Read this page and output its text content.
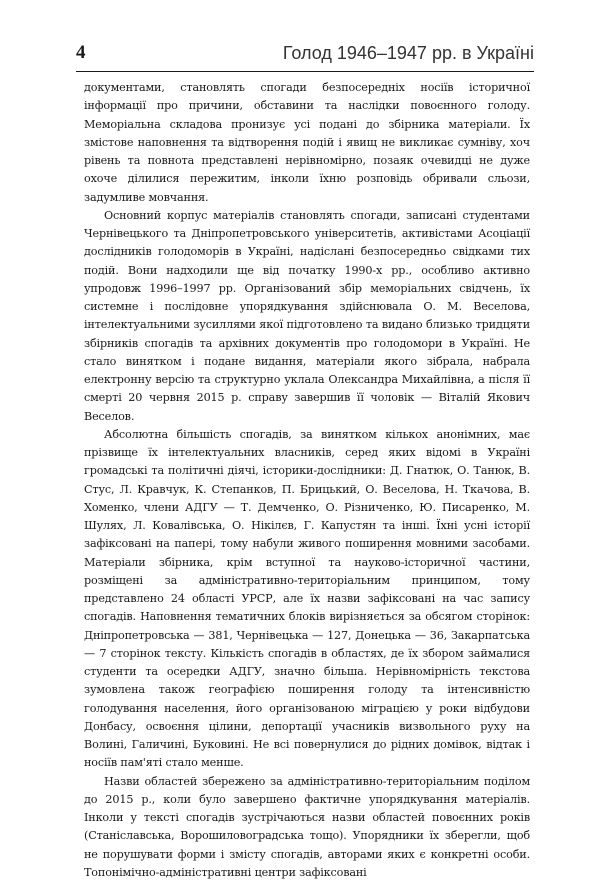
4	Голод 1946–1947 рр. в Україні

документами, становлять спогади безпосередніх носіїв історичної інформації про причини, обставини та наслідки повоєнного голоду. Меморіальна складова пронизує усі подані до збірника матеріали. Їх змістове наповнення та відтворення подій і явищ не викликає сумніву, хоч рівень та повнота представлені нерівномірно, позаяк очевидці не дуже охоче ділилися пережитим, інколи їхню розповідь обривали сльози, задумливе мовчання.

Основний корпус матеріалів становлять спогади, записані студентами Чернівецького та Дніпропетровського університетів, активістами Асоціації дослідників голодоморів в Україні, надіслані безпосередньо свідками тих подій. Вони надходили ще від початку 1990-х рр., особливо активно упродовж 1996–1997 рр. Організований збір меморіальних свідчень, їх системне і послідовне упорядкування здійснювала О. М. Веселова, інтелектуальними зусиллями якої підготовлено та видано близько тридцяти збірників спогадів та архівних документів про голодомори в Україні. Не стало винятком і подане видання, матеріали якого зібрала, набрала електронну версію та структурно уклала Олександра Михайлівна, а після її смерті 20 червня 2015 р. справу завершив її чоловік — Віталій Якович Веселов.

Абсолютна більшість спогадів, за винятком кількох анонімних, має прізвище їх інтелектуальних власників, серед яких відомі в Україні громадські та політичні діячі, історики-дослідники: Д. Гнатюк, О. Танюк, В. Стус, Л. Кравчук, К. Степанков, П. Брицький, О. Веселова, Н. Ткачова, В. Хоменко, члени АДГУ — Т. Демченко, О. Різниченко, Ю. Писаренко, М. Шулях, Л. Ковалівська, О. Нікілєв, Г. Капустян та інші. Їхні усні історії зафіксовані на папері, тому набули живого поширення мовними засобами. Матеріали збірника, крім вступної та науково-історичної частини, розміщені за адміністративно-територіальним принципом, тому представлено 24 області УРСР, але їх назви зафіксовані на час запису спогадів. Наповнення тематичних блоків вирізняється за обсягом сторінок: Дніпропетровська — 381, Чернівецька — 127, Донецька — 36, Закарпатська — 7 сторінок тексту. Кількість спогадів в областях, де їх збором займалися студенти та осередки АДГУ, значно більша. Нерівномірність текстова зумовлена також географією поширення голоду та інтенсивністю голодування населення, його організованою міграцією у роки відбудови Донбасу, освоєння цілини, депортації учасників визвольного руху на Волині, Галичині, Буковині. Не всі повернулися до рідних домівок, відтак і носіїв пам'яті стало менше.

Назви областей збережено за адміністративно-територіальним поділом до 2015 р., коли було завершено фактичне упорядкування матеріалів. Інколи у тексті спогадів зустрічаються назви областей повоєнних років (Станіславська, Ворошиловоградська тощо). Упорядники їх зберегли, щоб не порушувати форми і змісту спогадів, авторами яких є конкретні особи. Топонімічно-адміністративні центри зафіксовані
